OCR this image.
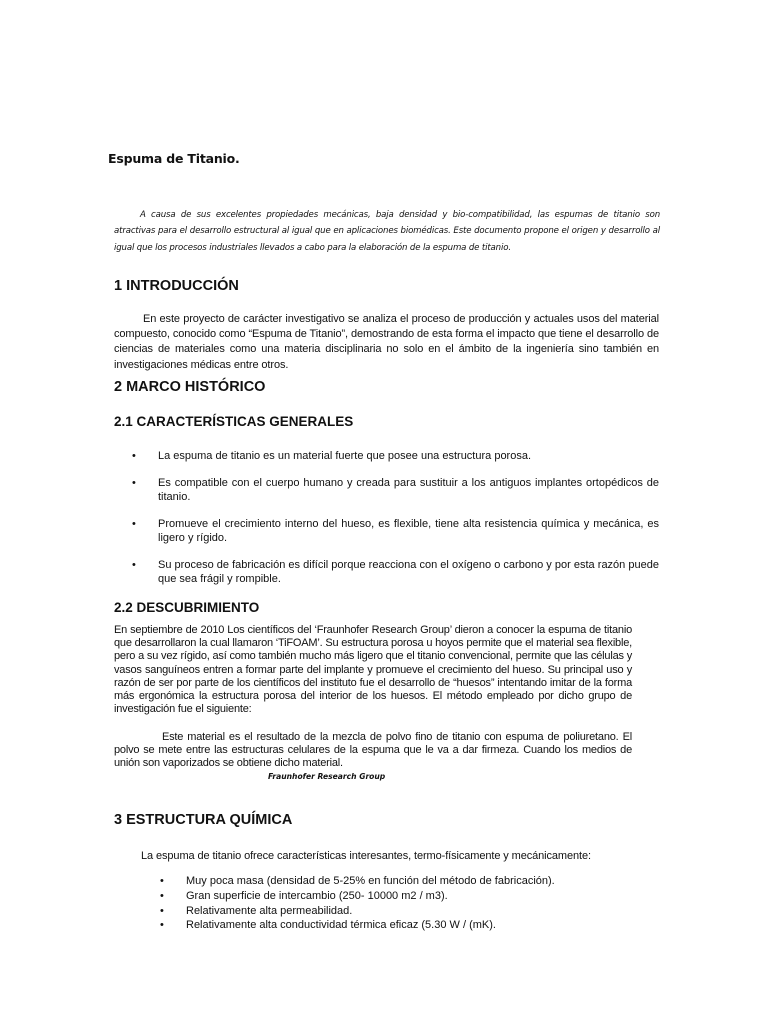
Espuma de Titanio.

A causa de sus excelentes propiedades mecánicas, baja densidad y bio-compatibilidad, las espumas de titanio son atractivas para el desarrollo estructural al igual que en aplicaciones biomédicas. Este documento propone el origen y desarrollo al igual que los procesos industriales llevados a cabo para la elaboración de la espuma de titanio.

1 INTRODUCCIÓN

En este proyecto de carácter investigativo se analiza el proceso de producción y actuales usos del material compuesto, conocido como “Espuma de Titanio”, demostrando de esta forma el impacto que tiene el desarrollo de ciencias de materiales como una materia disciplinaria no solo en el ámbito de la ingeniería sino también en investigaciones médicas entre otros.

2 MARCO HISTÓRICO
2.1 CARACTERÍSTICAS GENERALES
• La espuma de titanio es un material fuerte que posee una estructura porosa.
• Es compatible con el cuerpo humano y creada para sustituir a los antiguos implantes ortopédicos de titanio.
• Promueve el crecimiento interno del hueso, es flexible, tiene alta resistencia química y mecánica, es ligero y rígido.
• Su proceso de fabricación es difícil porque reacciona con el oxígeno o carbono y por esta razón puede que sea frágil y rompible.
2.2 DESCUBRIMIENTO

En septiembre de 2010 Los científicos del ‘Fraunhofer Research Group’ dieron a conocer la espuma de titanio que desarrollaron la cual llamaron ‘TiFOAM’. Su estructura porosa u hoyos permite que el material sea flexible, pero a su vez rígido, así como también mucho más ligero que el titanio convencional, permite que las células y vasos sanguíneos entren a formar parte del implante y promueve el crecimiento del hueso. Su principal uso y razón de ser por parte de los científicos del instituto fue el desarrollo de “huesos” intentando imitar de la forma más ergonómica la estructura porosa del interior de los huesos. El método empleado por dicho grupo de investigación fue el siguiente:

Este material es el resultado de la mezcla de polvo fino de titanio con espuma de poliuretano. El polvo se mete entre las estructuras celulares de la espuma que le va a dar firmeza. Cuando los medios de unión son vaporizados se obtiene dicho material.

Fraunhofer Research Group
3 ESTRUCTURA QUÍMICA

La espuma de titanio ofrece características interesantes, termo-físicamente y mecánicamente:

• Muy poca masa (densidad de 5-25% en función del método de fabricación).
• Gran superficie de intercambio (250- 10000 m2 / m3).
• Relativamente alta permeabilidad.
• Relativamente alta conductividad térmica eficaz (5.30 W / (mK).
